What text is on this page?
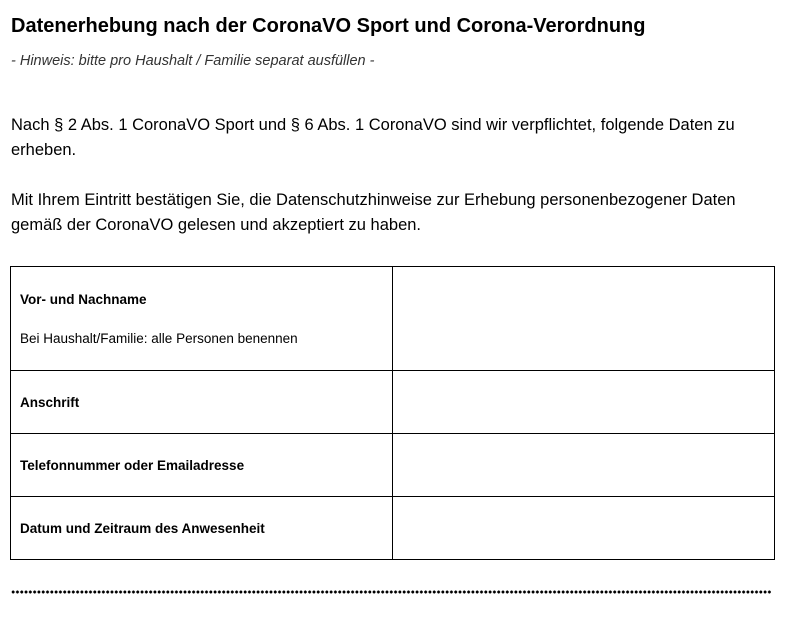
Datenerhebung nach der CoronaVO Sport und Corona-Verordnung

- Hinweis: bitte pro Haushalt / Familie separat ausfüllen -

Nach § 2 Abs. 1 CoronaVO Sport und § 6 Abs. 1 CoronaVO sind wir verpflichtet, folgende Daten zu erheben.

Mit Ihrem Eintritt bestätigen Sie, die Datenschutzhinweise zur Erhebung personenbezogener Daten gemäß der CoronaVO gelesen und akzeptiert zu haben.

Vor- und Nachname
Bei Haushalt/Familie: alle Personen benennen	

Anschrift	

Telefonnummer oder Emailadresse	

Datum und Zeitraum des Anwesenheit	
